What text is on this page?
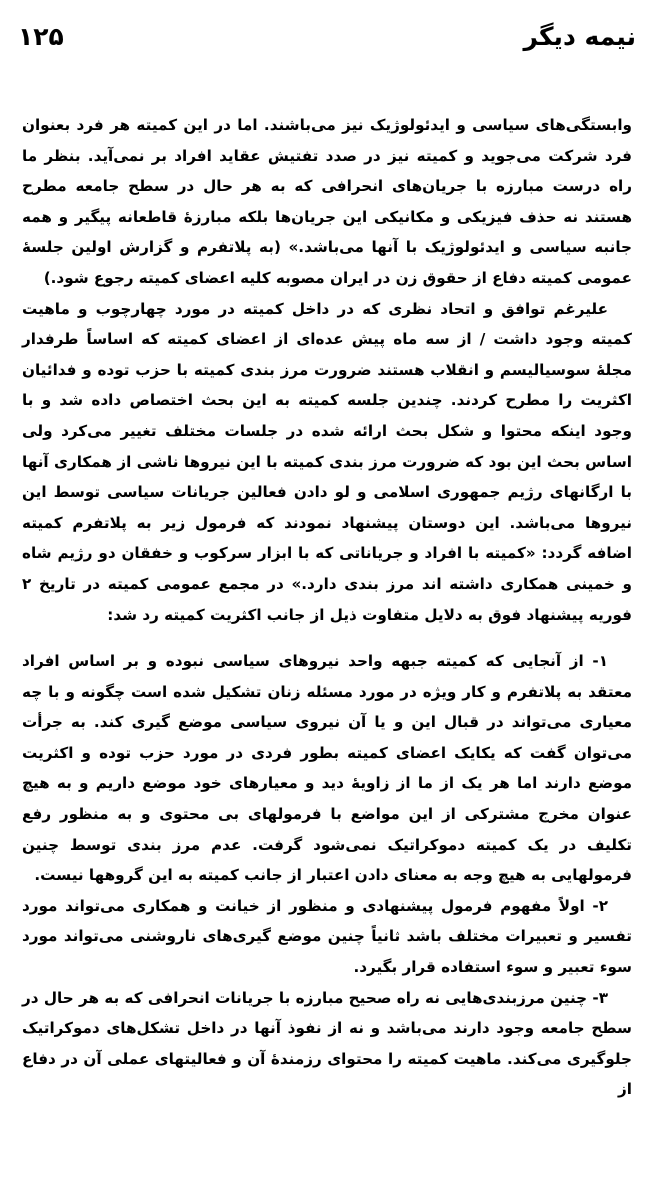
نیمه دیگر
۱۲۵

وابستگی‌های سیاسی و ایدئولوژیک نیز می‌باشند. اما در این کمیته هر فرد بعنوان فرد شرکت می‌جوید و کمیته نیز در صدد تفتیش عقاید افراد بر نمی‌آید. بنظر ما راه درست مبارزه با جریان‌های انحرافی که به هر حال در سطح جامعه مطرح هستند نه حذف فیزیکی و مکانیکی این جریان‌ها بلکه مبارزهٔ قاطعانه پیگیر و همه جانبه سیاسی و ایدئولوژیک با آنها می‌باشد.» (به پلاتفرم و گزارش اولین جلسهٔ عمومی کمیته دفاع از حقوق زن در ایران مصوبه کلیه اعضای کمیته رجوع شود.)

علیرغم توافق و اتحاد نظری که در داخل کمیته در مورد چهارچوب و ماهیت کمیته وجود داشت / از سه ماه پیش عده‌ای از اعضای کمیته که اساساً طرفدار مجلهٔ سوسیالیسم و انقلاب هستند ضرورت مرز بندی کمیته با حزب توده و فدائیان اکثریت را مطرح کردند. چندین جلسه کمیته به این بحث اختصاص داده شد و با وجود اینکه محتوا و شکل بحث ارائه شده در جلسات مختلف تغییر می‌کرد ولی اساس بحث این بود که ضرورت مرز بندی کمیته با این نیروها ناشی از همکاری آنها با ارگانهای رژیم جمهوری اسلامی و لو دادن فعالین جریانات سیاسی توسط این نیروها می‌باشد. این دوستان پیشنهاد نمودند که فرمول زیر به پلاتفرم کمیته اضافه گردد: «کمیته با افراد و جریاناتی که با ابزار سرکوب و خفقان دو رژیم شاه و خمینی همکاری داشته اند مرز بندی دارد.» در مجمع عمومی کمیته در تاریخ ۲ فوریه پیشنهاد فوق به دلایل متفاوت ذیل از جانب اکثریت کمیته رد شد:

۱- از آنجایی که کمیته جبهه واحد نیروهای سیاسی نبوده و بر اساس افراد معتقد به پلاتفرم و کار ویژه در مورد مسئله زنان تشکیل شده است چگونه و با چه معیاری می‌تواند در قبال این و یا آن نیروی سیاسی موضع گیری کند. به جرأت می‌توان گفت که یکایک اعضای کمیته بطور فردی در مورد حزب توده و اکثریت موضع دارند اما هر یک از ما از زاویهٔ دید و معیارهای خود موضع داریم و به هیچ عنوان مخرج مشترکی از این مواضع با فرمولهای بی محتوی و به منظور رفع تکلیف در یک کمیته دموکراتیک نمی‌شود گرفت. عدم مرز بندی توسط چنین فرمولهایی به هیچ وجه به معنای دادن اعتبار از جانب کمیته به این گروهها نیست.

۲- اولاً مفهوم فرمول پیشنهادی و منظور از خیانت و همکاری می‌تواند مورد تفسیر و تعبیرات مختلف باشد ثانیاً چنین موضع گیری‌های ناروشنی می‌تواند مورد سوء تعبیر و سوء استفاده قرار بگیرد.

۳- چنین مرزبندی‌هایی نه راه صحیح مبارزه با جریانات انحرافی که به هر حال در سطح جامعه وجود دارند می‌باشد و نه از نفوذ آنها در داخل تشکل‌های دموکراتیک جلوگیری می‌کند. ماهیت کمیته را محتوای رزمندهٔ آن و فعالیتهای عملی آن در دفاع از
